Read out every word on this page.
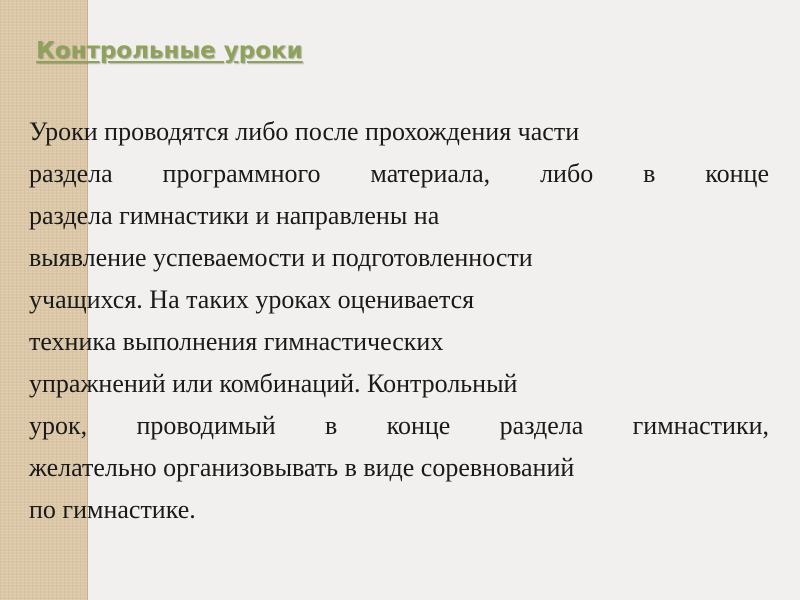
Контрольные уроки
Уроки проводятся либо после прохождения части
раздела программного материала, либо в конце
раздела гимнастики и направлены на
выявление успеваемости и подготовленности
учащихся. На таких уроках оценивается
техника выполнения гимнастических
упражнений или комбинаций. Контрольный
урок, проводимый в конце раздела гимнастики,
желательно организовывать в виде соревнований
по гимнастике.
